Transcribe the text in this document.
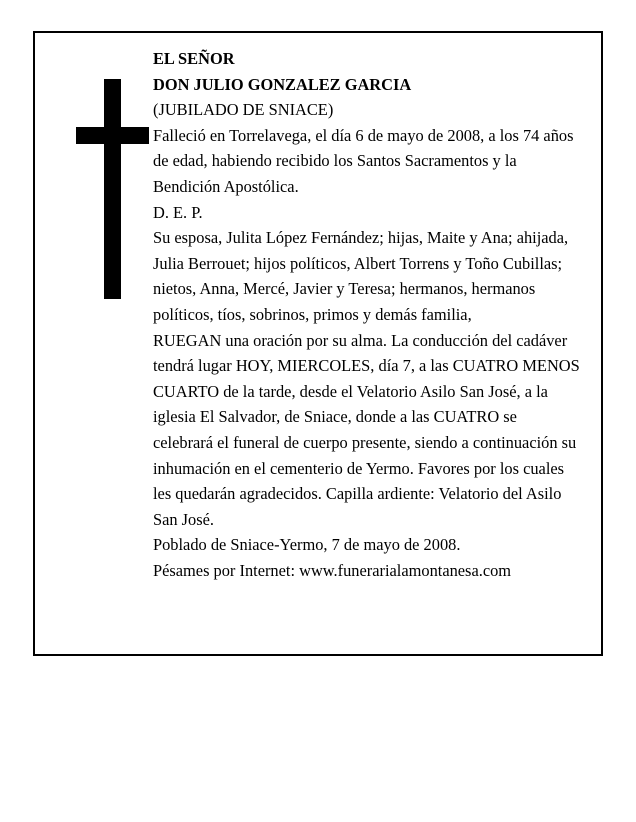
EL SEÑOR

DON JULIO GONZALEZ GARCIA

(JUBILADO DE SNIACE)

Falleció en Torrelavega, el día 6 de mayo de 2008, a los 74 años de edad, habiendo recibido los Santos Sacramentos y la Bendición Apostólica.

D. E. P.

Su esposa, Julita López Fernández; hijas, Maite y Ana; ahijada, Julia Berrouet; hijos políticos, Albert Torrens y Toño Cubillas; nietos, Anna, Mercé, Javier y Teresa; hermanos, hermanos políticos, tíos, sobrinos, primos y demás familia,

RUEGAN una oración por su alma. La conducción del cadáver tendrá lugar HOY, MIERCOLES, día 7, a las CUATRO MENOS CUARTO de la tarde, desde el Velatorio Asilo San José, a la iglesia El Salvador, de Sniace, donde a las CUATRO se celebrará el funeral de cuerpo presente, siendo a continuación su inhumación en el cementerio de Yermo. Favores por los cuales les quedarán agradecidos. Capilla ardiente: Velatorio del Asilo San José.

Poblado de Sniace-Yermo, 7 de mayo de 2008.

Pésames por Internet: www.funerarialamontanesa.com
